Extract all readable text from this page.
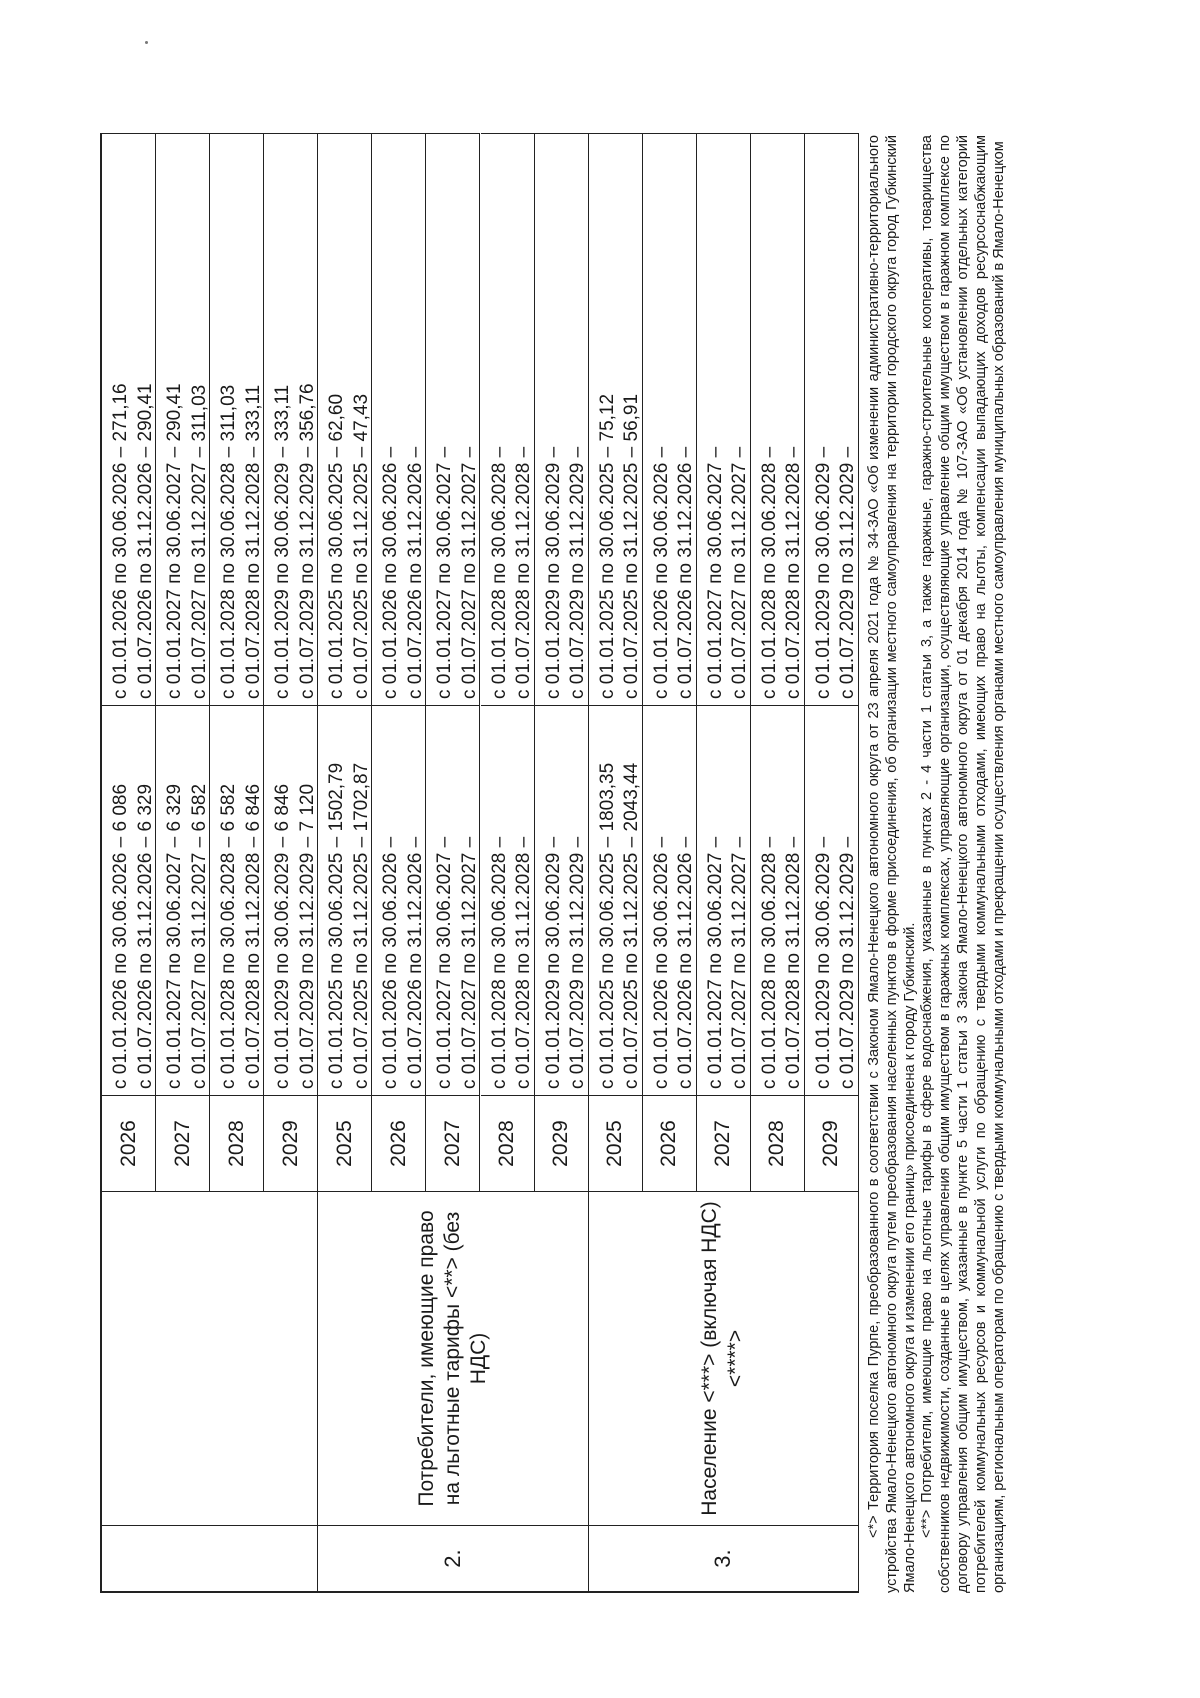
2026
с 01.01.2026 по 30.06.2026 – 6 086 с 01.07.2026 по 31.12.2026 – 6 329
с 01.01.2026 по 30.06.2026 – 271,16 с 01.07.2026 по 31.12.2026 – 290,41
2027
с 01.01.2027 по 30.06.2027 – 6 329 с 01.07.2027 по 31.12.2027 – 6 582
с 01.01.2027 по 30.06.2027 – 290,41 с 01.07.2027 по 31.12.2027 – 311,03
2028
с 01.01.2028 по 30.06.2028 – 6 582 с 01.07.2028 по 31.12.2028 – 6 846
с 01.01.2028 по 30.06.2028 – 311,03 с 01.07.2028 по 31.12.2028 – 333,11
2029
с 01.01.2029 по 30.06.2029 – 6 846 с 01.07.2029 по 31.12.2029 – 7 120
с 01.01.2029 по 30.06.2029 – 333,11 с 01.07.2029 по 31.12.2029 – 356,76
2.
Потребители, имеющие право на льготные тарифы <**> (без НДС)
2025
с 01.01.2025 по 30.06.2025 – 1502,79 с 01.07.2025 по 31.12.2025 – 1702,87
с 01.01.2025 по 30.06.2025 – 62,60 с 01.07.2025 по 31.12.2025 – 47,43
2026
с 01.01.2026 по 30.06.2026 – с 01.07.2026 по 31.12.2026 –
с 01.01.2026 по 30.06.2026 – с 01.07.2026 по 31.12.2026 –
2027
с 01.01.2027 по 30.06.2027 – с 01.07.2027 по 31.12.2027 –
с 01.01.2027 по 30.06.2027 – с 01.07.2027 по 31.12.2027 –
2028
с 01.01.2028 по 30.06.2028 – с 01.07.2028 по 31.12.2028 –
с 01.01.2028 по 30.06.2028 – с 01.07.2028 по 31.12.2028 –
2029
с 01.01.2029 по 30.06.2029 – с 01.07.2029 по 31.12.2029 –
с 01.01.2029 по 30.06.2029 – с 01.07.2029 по 31.12.2029 –
3.
Население <***> (включая НДС) <****>
2025
с 01.01.2025 по 30.06.2025 – 1803,35 с 01.07.2025 по 31.12.2025 – 2043,44
с 01.01.2025 по 30.06.2025 – 75,12 с 01.07.2025 по 31.12.2025 – 56,91
2026
с 01.01.2026 по 30.06.2026 – с 01.07.2026 по 31.12.2026 –
с 01.01.2026 по 30.06.2026 – с 01.07.2026 по 31.12.2026 –
2027
с 01.01.2027 по 30.06.2027 – с 01.07.2027 по 31.12.2027 –
с 01.01.2027 по 30.06.2027 – с 01.07.2027 по 31.12.2027 –
2028
с 01.01.2028 по 30.06.2028 – с 01.07.2028 по 31.12.2028 –
с 01.01.2028 по 30.06.2028 – с 01.07.2028 по 31.12.2028 –
2029
с 01.01.2029 по 30.06.2029 – с 01.07.2029 по 31.12.2029 –
с 01.01.2029 по 30.06.2029 – с 01.07.2029 по 31.12.2029 – <*> Территория поселка Пурпе, преобразованного в соответствии с Законом Ямало-Ненецкого автономного округа от 23 апреля 2021 года № 34-ЗАО «Об изменении административно-территориального устройства Ямало-Ненецкого автономного округа путем преобразования населенных пунктов в форме присоединения, об организации местного самоуправления на территории городского округа город Губкинский Ямало-Ненецкого автономного округа и изменении его границ» присоединена к городу Губкинский. <**> Потребители, имеющие право на льготные тарифы в сфере водоснабжения, указанные в пунктах 2 - 4 части 1 статьи 3, а также гаражные, гаражно-строительные кооперативы, товарищества собственников недвижимости, созданные в целях управления общим имуществом в гаражных комплексах, управляющие организации, осуществляющие управление общим имуществом в гаражном комплексе по договору управления общим имуществом, указанные в пункте 5 части 1 статьи 3 Закона Ямало-Ненецкого автономного округа от 01 декабря 2014 года № 107-ЗАО «Об установлении отдельных категорий потребителей коммунальных ресурсов и коммунальной услуги по обращению с твердыми коммунальными отходами, имеющих право на льготы, компенсации выпадающих доходов ресурсоснабжающим организациям, региональным операторам по обращению с твердыми коммунальными отходами и прекращении осуществления органами местного самоуправления муниципальных образований в Ямало-Ненецком
